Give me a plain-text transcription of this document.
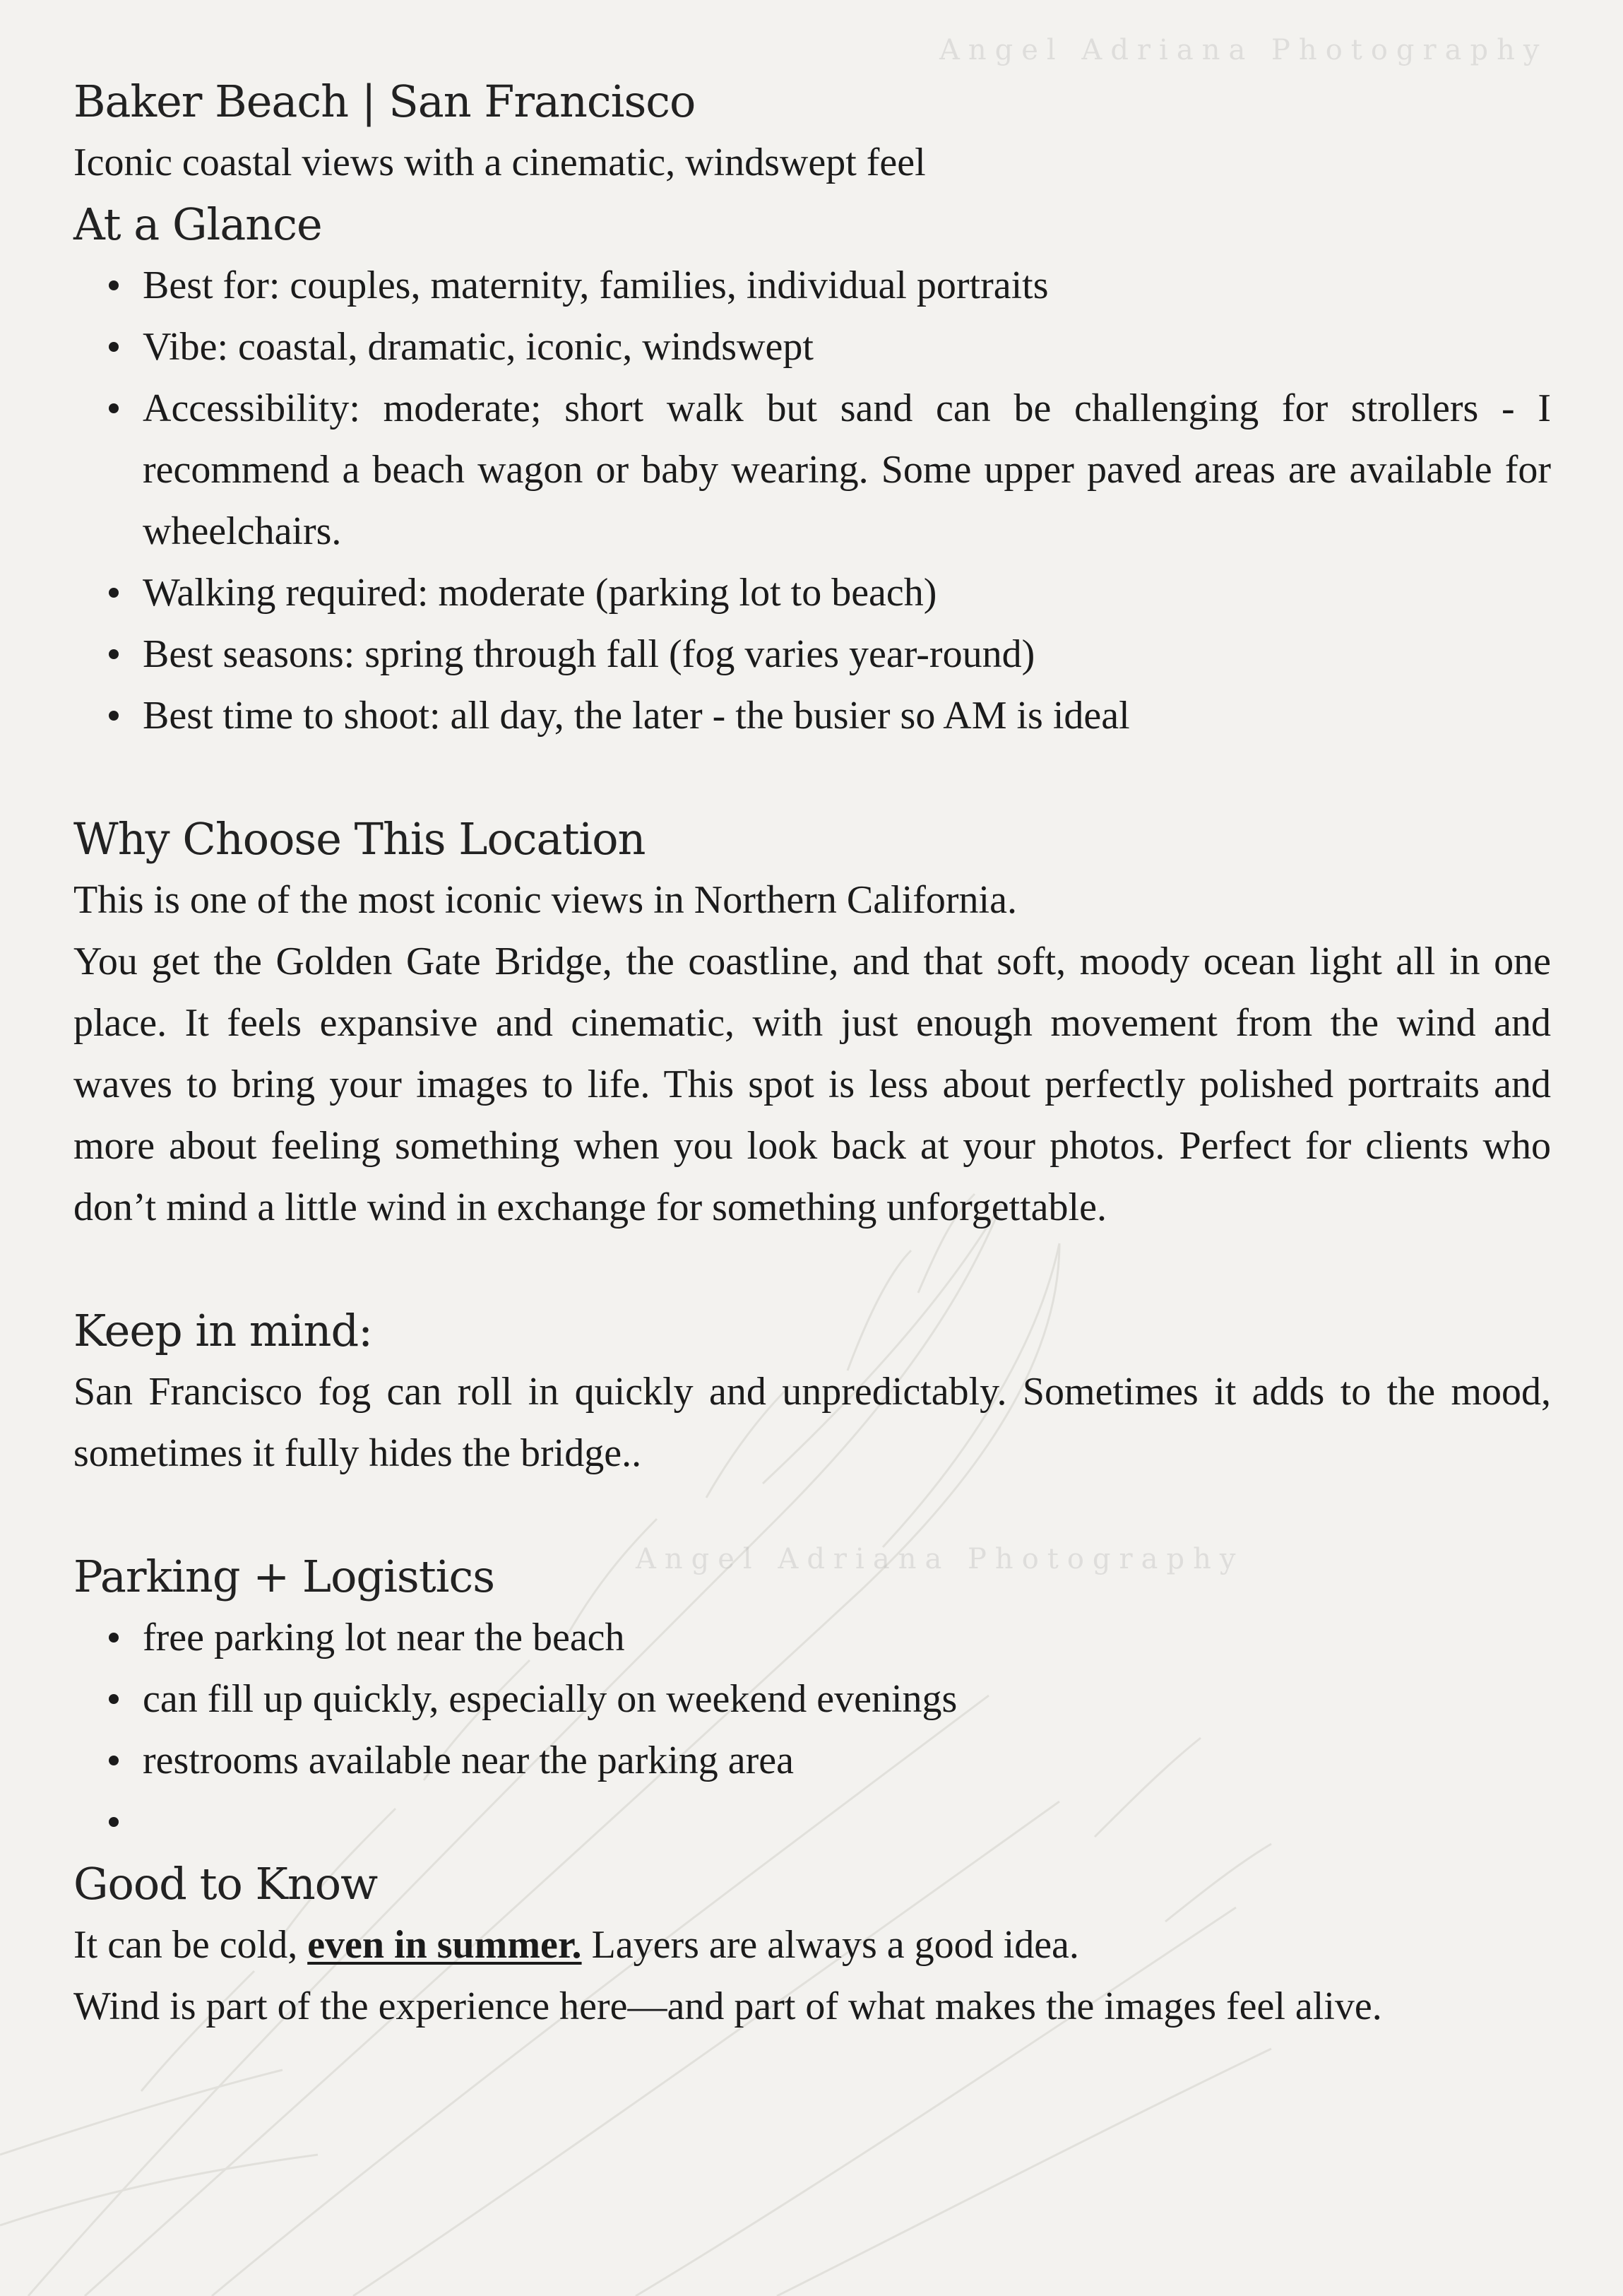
Angel Adriana Photography
Angel Adriana Photography
Baker Beach | San Francisco

Iconic coastal views with a cinematic, windswept feel

At a Glance
Best for: couples, maternity, families, individual portraits
Vibe: coastal, dramatic, iconic, windswept
Accessibility: moderate; short walk but sand can be challenging for strollers - I recommend a beach wagon or baby wearing. Some upper paved areas are available for wheelchairs.
Walking required: moderate (parking lot to beach)
Best seasons: spring through fall (fog varies year-round)
Best time to shoot: all day, the later - the busier so AM is ideal
Why Choose This Location

This is one of the most iconic views in Northern California.

You get the Golden Gate Bridge, the coastline, and that soft, moody ocean light all in one place. It feels expansive and cinematic, with just enough movement from the wind and waves to bring your images to life. This spot is less about perfectly polished portraits and more about feeling something when you look back at your photos. Perfect for clients who don’t mind a little wind in exchange for something unforgettable.

Keep in mind:

San Francisco fog can roll in quickly and unpredictably. Sometimes it adds to the mood, sometimes it fully hides the bridge..

Parking + Logistics
free parking lot near the beach
can fill up quickly, especially on weekend evenings
restrooms available near the parking area

Good to Know

It can be cold, even in summer. Layers are always a good idea.

Wind is part of the experience here—and part of what makes the images feel alive.
